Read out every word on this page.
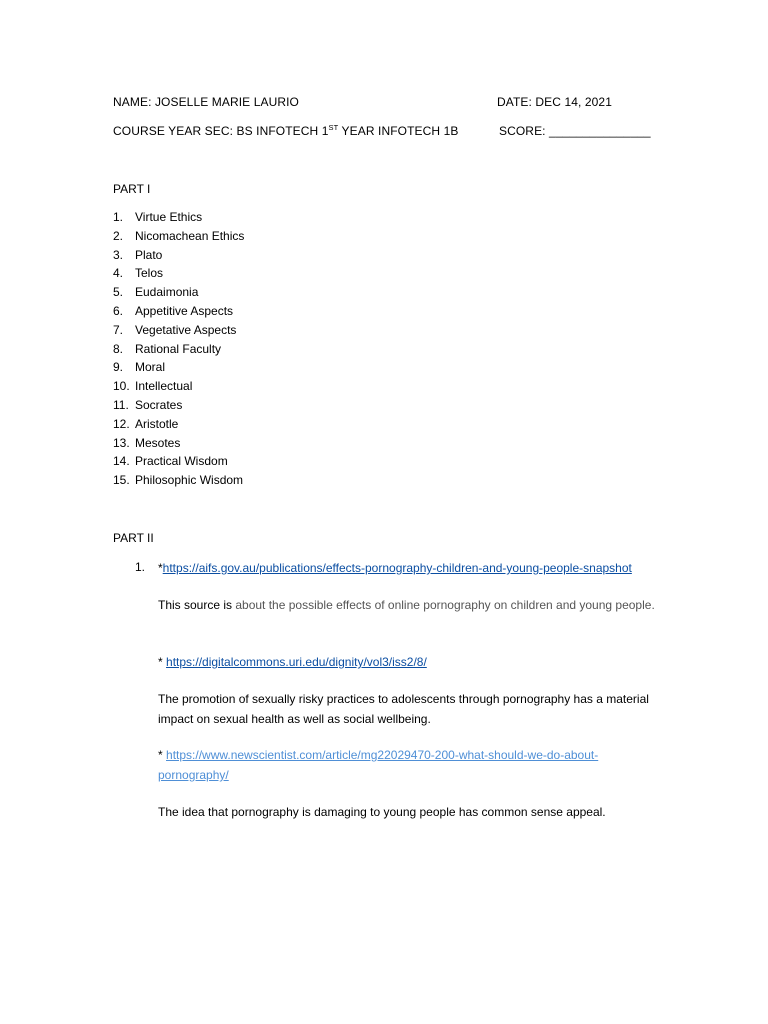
NAME: JOSELLE MARIE LAURIO	DATE: DEC 14, 2021
COURSE YEAR SEC: BS INFOTECH 1ST YEAR INFOTECH 1B	SCORE: _______________
PART I
1. Virtue Ethics
2. Nicomachean Ethics
3. Plato
4. Telos
5. Eudaimonia
6. Appetitive Aspects
7. Vegetative Aspects
8. Rational Faculty
9. Moral
10. Intellectual
11. Socrates
12. Aristotle
13. Mesotes
14. Practical Wisdom
15. Philosophic Wisdom
PART II
1. *https://aifs.gov.au/publications/effects-pornography-children-and-young-people-snapshot
This source is about the possible effects of online pornography on children and young people.
* https://digitalcommons.uri.edu/dignity/vol3/iss2/8/
The promotion of sexually risky practices to adolescents through pornography has a material impact on sexual health as well as social wellbeing.
* https://www.newscientist.com/article/mg22029470-200-what-should-we-do-about-pornography/
The idea that pornography is damaging to young people has common sense appeal.
